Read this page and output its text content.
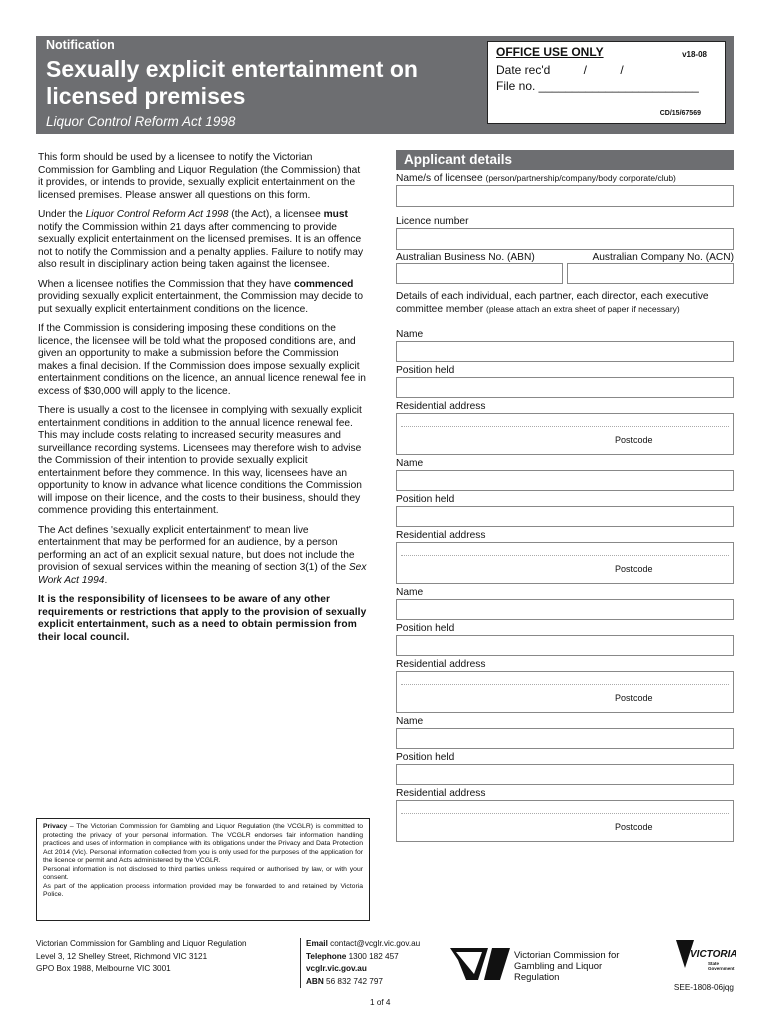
Notification
Sexually explicit entertainment on licensed premises
Liquor Control Reform Act 1998
OFFICE USE ONLY	v18-08
Date rec'd	/	/
File no. ________________________
CD/15/67569

This form should be used by a licensee to notify the Victorian Commission for Gambling and Liquor Regulation (the Commission) that it provides, or intends to provide, sexually explicit entertainment on the licensed premises. Please answer all questions on this form.

Under the Liquor Control Reform Act 1998 (the Act), a licensee must notify the Commission within 21 days after commencing to provide sexually explicit entertainment on the licensed premises. It is an offence not to notify the Commission and a penalty applies. Failure to notify may also result in disciplinary action being taken against the licensee.

When a licensee notifies the Commission that they have commenced providing sexually explicit entertainment, the Commission may decide to put sexually explicit entertainment conditions on the licence.

If the Commission is considering imposing these conditions on the licence, the licensee will be told what the proposed conditions are, and given an opportunity to make a submission before the Commission makes a final decision. If the Commission does impose sexually explicit entertainment conditions on the licence, an annual licence renewal fee in excess of $30,000 will apply to the licence.

There is usually a cost to the licensee in complying with sexually explicit entertainment conditions in addition to the annual licence renewal fee. This may include costs relating to increased security measures and surveillance recording systems. Licensees may therefore wish to advise the Commission of their intention to provide sexually explicit entertainment before they commence. In this way, licensees have an opportunity to know in advance what licence conditions the Commission will impose on their licence, and the costs to their business, should they commence providing this entertainment.

The Act defines 'sexually explicit entertainment' to mean live entertainment that may be performed for an audience, by a person performing an act of an explicit sexual nature, but does not include the provision of sexual services within the meaning of section 3(1) of the Sex Work Act 1994.

It is the responsibility of licensees to be aware of any other requirements or restrictions that apply to the provision of sexually explicit entertainment, such as a need to obtain permission from their local council.

Privacy – The Victorian Commission for Gambling and Liquor Regulation (the VCGLR) is committed to protecting the privacy of your personal information. The VCGLR endorses fair information handling practices and uses of information in compliance with its obligations under the Privacy and Data Protection Act 2014 (Vic). Personal information collected from you is only used for the purposes of the application for the licence or permit and Acts administered by the VCGLR.

Personal information is not disclosed to third parties unless required or authorised by law, or with your consent.

As part of the application process information provided may be forwarded to and retained by Victoria Police.

Applicant details
Name/s of licensee (person/partnership/company/body corporate/club)
Licence number
Australian Business No. (ABN)	Australian Company No. (ACN)
Details of each individual, each partner, each director, each executive committee member (please attach an extra sheet of paper if necessary)
Name
Position held
Residential address
Postcode
Name
Position held
Residential address
Postcode
Name
Position held
Residential address
Postcode
Name
Position held
Residential address
Postcode
Victorian Commission for Gambling and Liquor Regulation
Level 3, 12 Shelley Street, Richmond VIC 3121
GPO Box 1988, Melbourne VIC 3001
Email contact@vcglr.vic.gov.au
Telephone 1300 182 457
vcglr.vic.gov.au
ABN 56 832 742 797
Victorian Commission for
Gambling and Liquor Regulation
VICTORIA
State
Government
SEE-1808-06jqg
1 of 4
